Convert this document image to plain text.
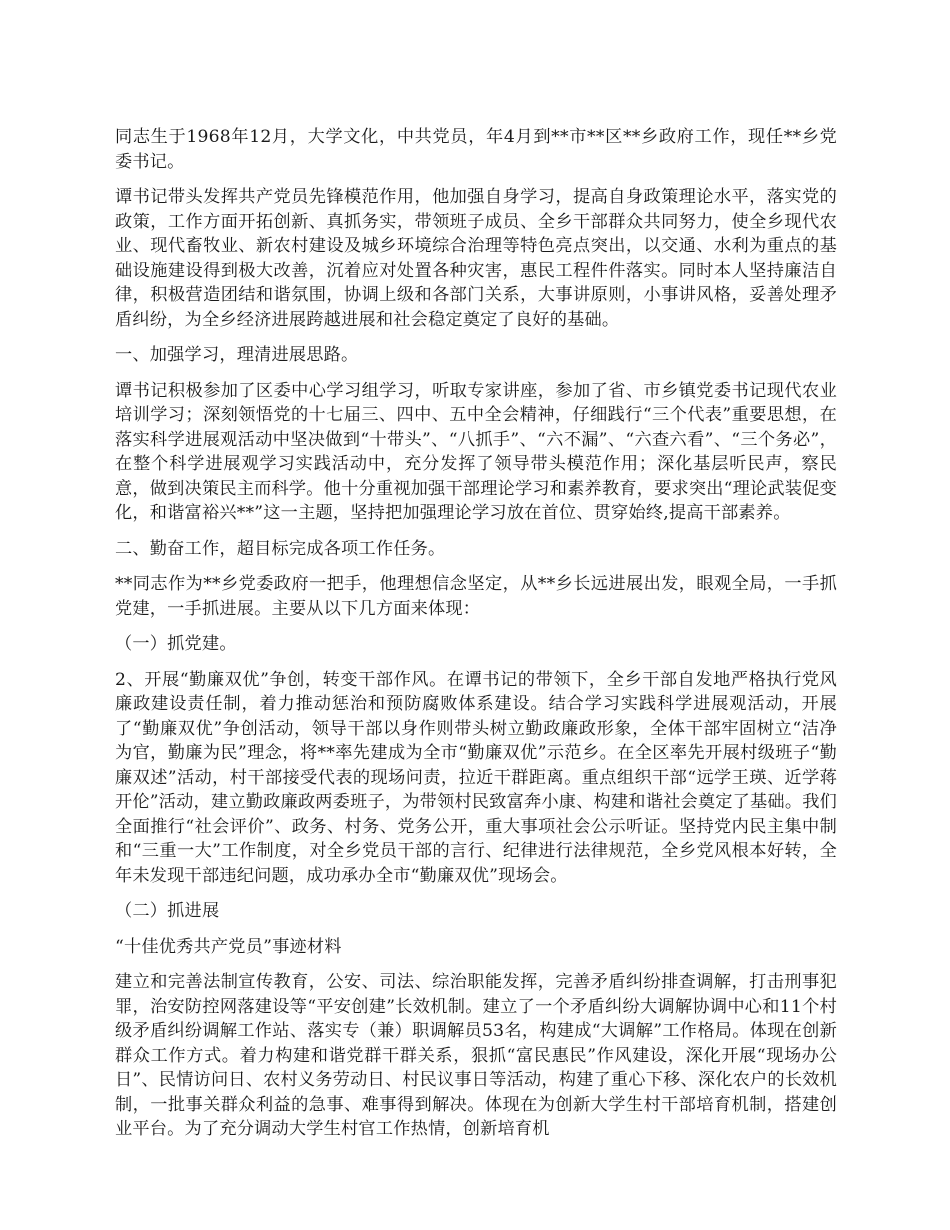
同志生于1968年12月，大学文化，中共党员，年4月到**市**区**乡政府工作，现任**乡党委书记。

谭书记带头发挥共产党员先锋模范作用，他加强自身学习，提高自身政策理论水平，落实党的政策，工作方面开拓创新、真抓务实，带领班子成员、全乡干部群众共同努力，使全乡现代农业、现代畜牧业、新农村建设及城乡环境综合治理等特色亮点突出，以交通、水利为重点的基础设施建设得到极大改善，沉着应对处置各种灾害，惠民工程件件落实。同时本人坚持廉洁自律，积极营造团结和谐氛围，协调上级和各部门关系，大事讲原则，小事讲风格，妥善处理矛盾纠纷，为全乡经济进展跨越进展和社会稳定奠定了良好的基础。

一、加强学习，理清进展思路。

谭书记积极参加了区委中心学习组学习，听取专家讲座，参加了省、市乡镇党委书记现代农业培训学习；深刻领悟党的十七届三、四中、五中全会精神，仔细践行“三个代表”重要思想，在落实科学进展观活动中坚决做到“十带头”、“八抓手”、“六不漏”、“六查六看”、“三个务必”，在整个科学进展观学习实践活动中，充分发挥了领导带头模范作用；深化基层听民声，察民意，做到决策民主而科学。他十分重视加强干部理论学习和素养教育，要求突出“理论武装促变化，和谐富裕兴**”这一主题，坚持把加强理论学习放在首位、贯穿始终,提高干部素养。

二、勤奋工作，超目标完成各项工作任务。

**同志作为**乡党委政府一把手，他理想信念坚定，从**乡长远进展出发，眼观全局，一手抓党建，一手抓进展。主要从以下几方面来体现：

（一）抓党建。

2、开展“勤廉双优”争创，转变干部作风。在谭书记的带领下，全乡干部自发地严格执行党风廉政建设责任制，着力推动惩治和预防腐败体系建设。结合学习实践科学进展观活动，开展了“勤廉双优”争创活动，领导干部以身作则带头树立勤政廉政形象，全体干部牢固树立“洁净为官，勤廉为民”理念，将**率先建成为全市“勤廉双优”示范乡。在全区率先开展村级班子“勤廉双述”活动，村干部接受代表的现场问责，拉近干群距离。重点组织干部“远学王瑛、近学蒋开伦”活动，建立勤政廉政两委班子，为带领村民致富奔小康、构建和谐社会奠定了基础。我们全面推行“社会评价”、政务、村务、党务公开，重大事项社会公示听证。坚持党内民主集中制和“三重一大”工作制度，对全乡党员干部的言行、纪律进行法律规范，全乡党风根本好转，全年未发现干部违纪问题，成功承办全市“勤廉双优”现场会。

（二）抓进展

“十佳优秀共产党员”事迹材料

建立和完善法制宣传教育，公安、司法、综治职能发挥，完善矛盾纠纷排查调解，打击刑事犯罪，治安防控网落建设等“平安创建”长效机制。建立了一个矛盾纠纷大调解协调中心和11个村级矛盾纠纷调解工作站、落实专（兼）职调解员53名，构建成“大调解”工作格局。体现在创新群众工作方式。着力构建和谐党群干群关系，狠抓“富民惠民”作风建设，深化开展“现场办公日”、民情访问日、农村义务劳动日、村民议事日等活动，构建了重心下移、深化农户的长效机制，一批事关群众利益的急事、难事得到解决。体现在为创新大学生村干部培育机制，搭建创业平台。为了充分调动大学生村官工作热情，创新培育机
